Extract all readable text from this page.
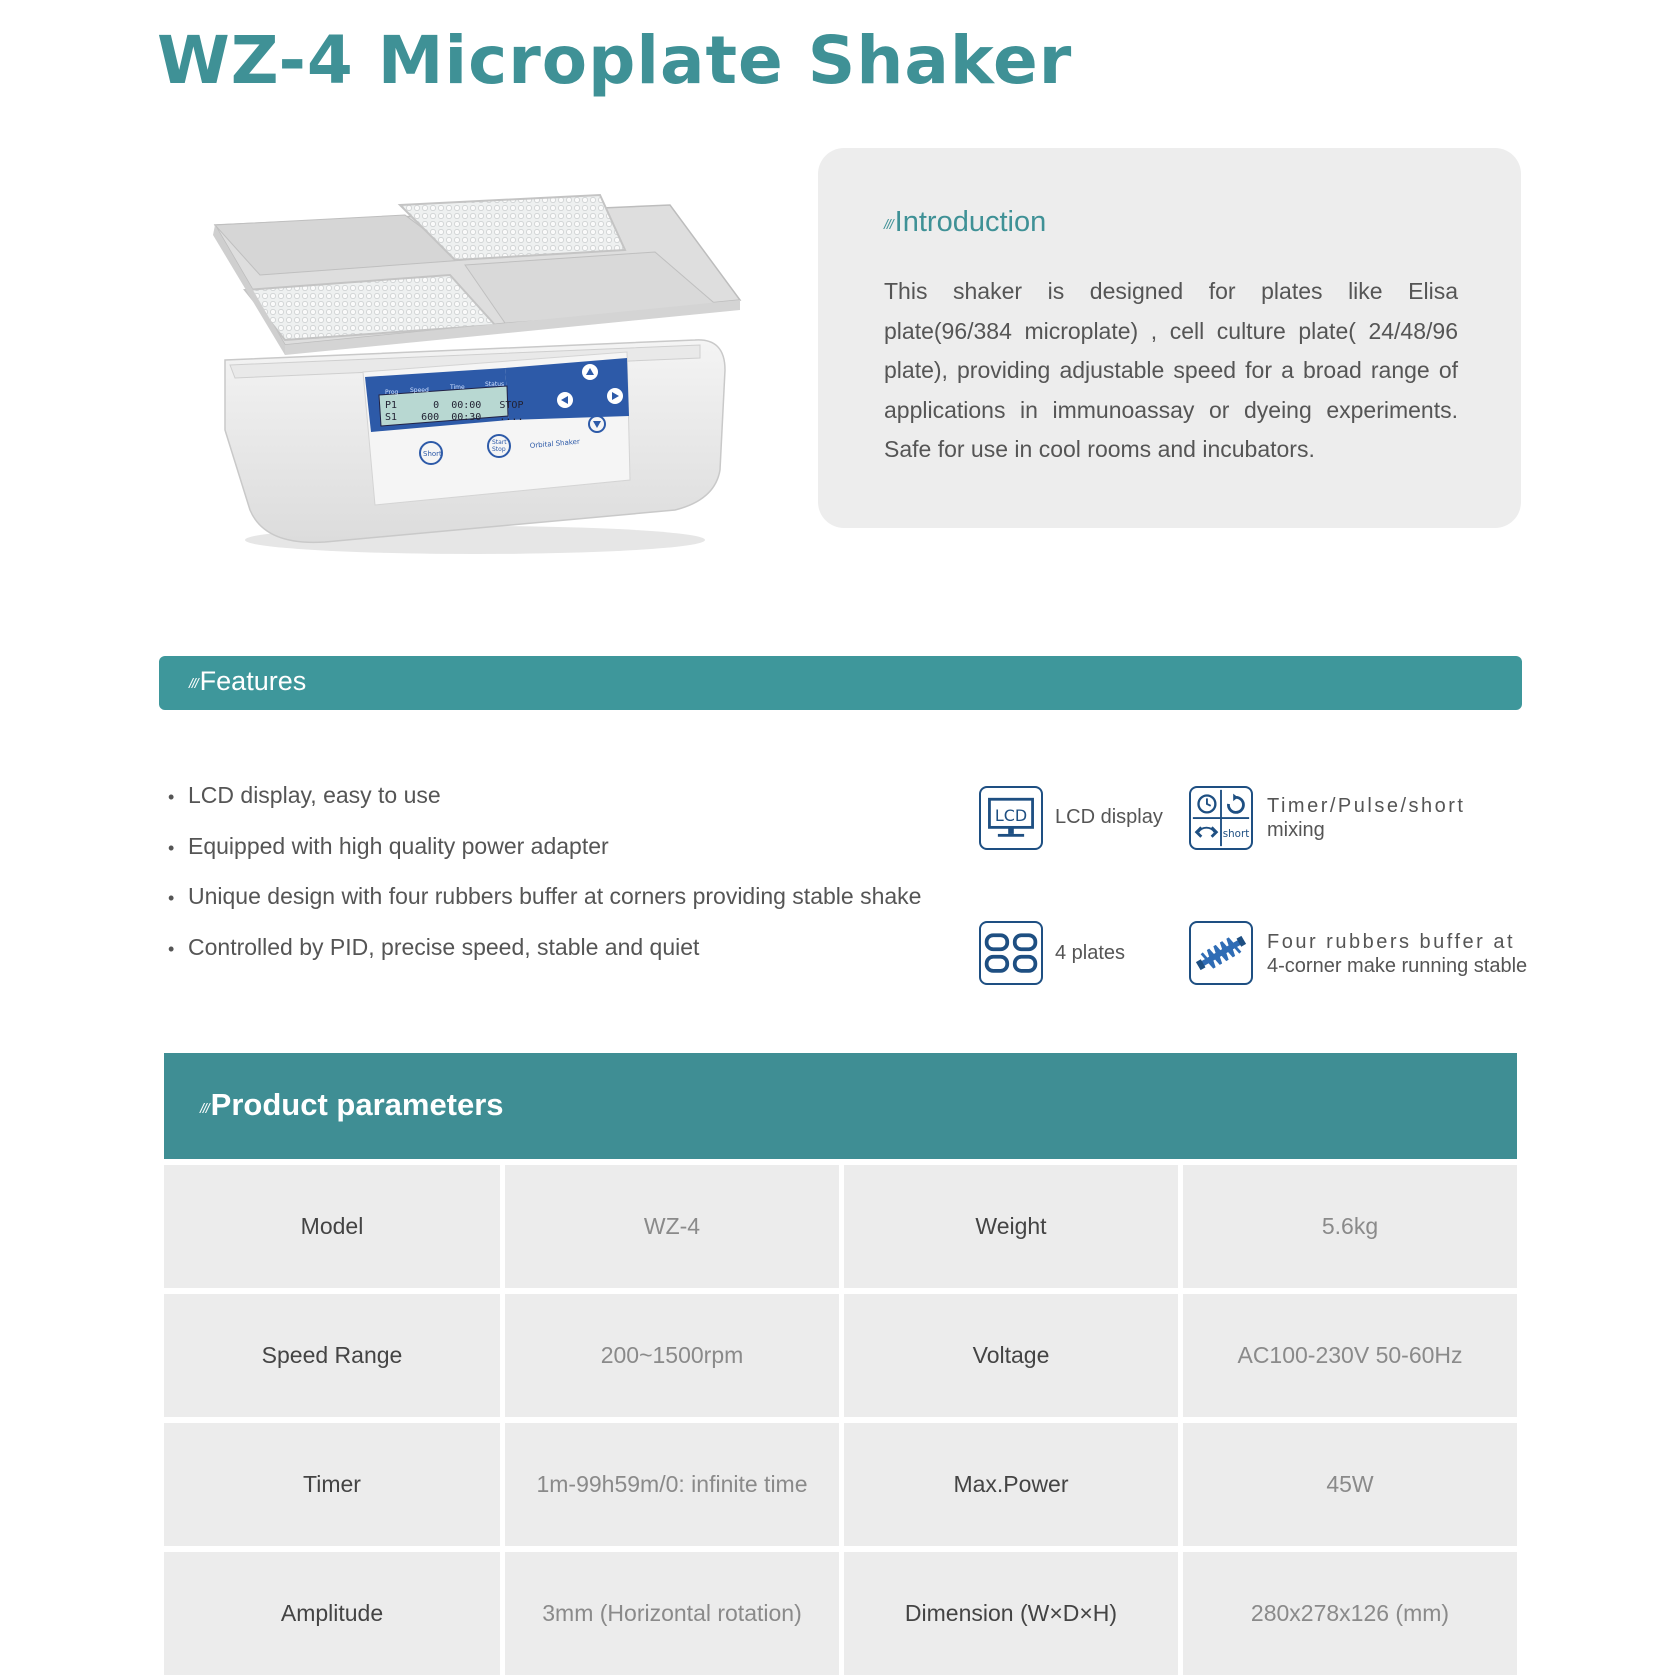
WZ-4 Microplate Shaker
Prog Speed	Time	Status
P1      0  00:00   STOP
S1    600  00:30   ....
Short
Start
Stop	Orbital Shaker
///Introduction
This shaker is designed for plates like Elisa plate(96/384 microplate) , cell culture plate( 24/48/96 plate), providing adjustable speed for a broad range of applications in immunoassay or dyeing experiments. Safe for use in cool rooms and incubators.
///Features
• LCD display, easy to use
• Equipped with high quality power adapter
• Unique design with four rubbers buffer at corners providing stable shake
• Controlled by PID, precise speed, stable and quiet
LCD LCD display
short
Timer/Pulse/short
mixing
4 plates	Four rubbers buffer at
4-corner make running stable
///Product parameters
Model	WZ-4	Weight	5.6kg
Speed Range	200~1500rpm	Voltage	AC100-230V 50-60Hz
Timer	1m-99h59m/0: infinite time	Max.Power	45W
Amplitude	3mm (Horizontal rotation)	Dimension (W×D×H)	280x278x126 (mm)
